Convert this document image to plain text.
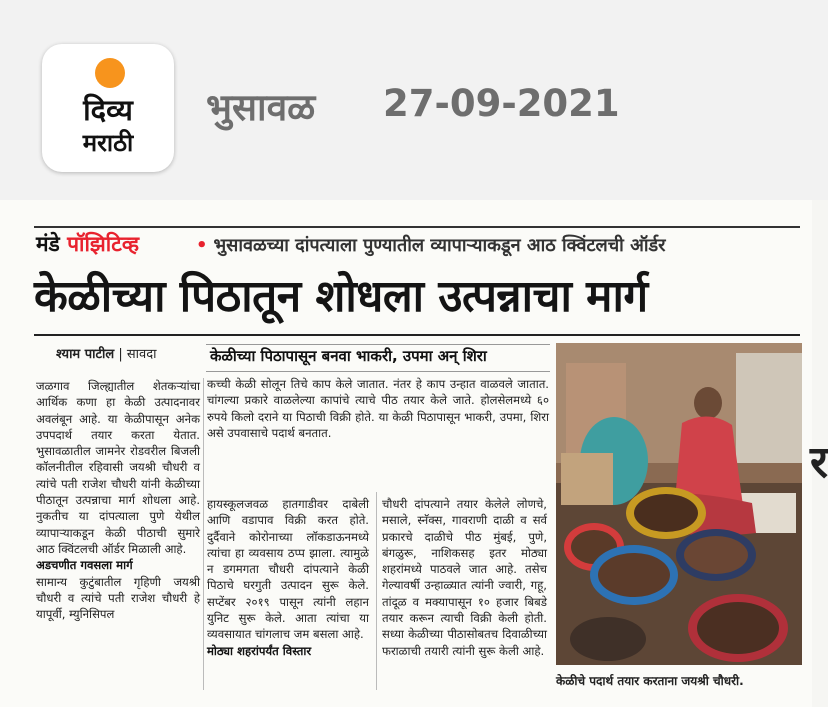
दिव्य
मराठी
भुसावळ 27-09-2021
मंडे पॉझिटिव्ह	• भुसावळच्या दांपत्याला पुण्यातील व्यापाऱ्याकडून आठ क्विंटलची ऑर्डर
केळीच्या पिठातून शोधला उत्पन्नाचा मार्ग
श्याम पाटील | सावदा	केळीच्या पिठापासून बनवा भाकरी, उपमा अन् शिरा

जळगाव जिल्ह्यातील शेतकऱ्यांचा आर्थिक कणा हा केळी उत्पादनावर अवलंबून आहे. या केळीपासून अनेक उपपदार्थ तयार करता येतात. भुसावळातील जामनेर रोडवरील बिजली कॉलनीतील रहिवासी जयश्री चौधरी व त्यांचे पती राजेश चौधरी यांनी केळीच्या पीठातून उत्पन्नाचा मार्ग शोधला आहे. नुकतीच या दांपत्याला पुणे येथील व्यापाऱ्याकडून केळी पीठाची सुमारे आठ क्विंटलची ऑर्डर मिळाली आहे.

अडचणीत गवसला मार्ग

सामान्य कुटुंबातील गृहिणी जयश्री चौधरी व त्यांचे पती राजेश चौधरी हे यापूर्वी, म्युनिसिपल

कच्ची केळी सोलून तिचे काप केले जातात. नंतर हे काप उन्हात वाळवले जातात. चांगल्या प्रकारे वाळलेल्या कापांचे त्याचे पीठ तयार केले जाते. होलसेलमध्ये ६० रुपये किलो दराने या पिठाची विक्री होते. या केळी पिठापासून भाकरी, उपमा, शिरा असे उपवासाचे पदार्थ बनतात.

हायस्कूलजवळ हातगाडीवर दाबेली आणि वडापाव विक्री करत होते. दुर्दैवाने कोरोनाच्या लॉकडाऊनमध्ये त्यांचा हा व्यवसाय ठप्प झाला. त्यामुळे न डगमगता चौधरी दांपत्याने केळी पिठाचे घरगुती उत्पादन सुरू केले. सप्टेंबर २०१९ पासून त्यांनी लहान युनिट सुरू केले. आता त्यांचा या व्यवसायात चांगलाच जम बसला आहे.

मोठ्या शहरांपर्यंत विस्तार

चौधरी दांपत्याने तयार केलेले लोणचे, मसाले, स्नॅक्स, गावराणी दाळी व सर्व प्रकारचे दाळीचे पीठ मुंबई, पुणे, बंगळुरू, नाशिकसह इतर मोठ्या शहरांमध्ये पाठवले जात आहे. तसेच गेल्यावर्षी उन्हाळ्यात त्यांनी ज्वारी, गहू, तांदूळ व मक्यापासून १० हजार बिबडे तयार करून त्याची विक्री केली होती. सध्या केळीच्या पीठासोबतच दिवाळीच्या फराळाची तयारी त्यांनी सुरू केली आहे.

केळीचे पदार्थ तयार करताना जयश्री चौधरी.
र
